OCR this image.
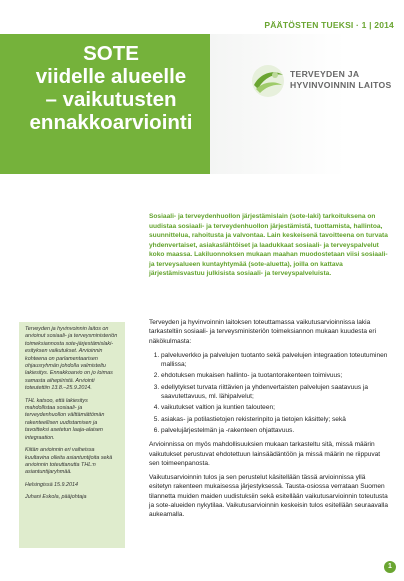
PÄÄTÖSTEN TUEKSI · 1 | 2014
SOTE
viidelle alueelle
– vaikutusten
ennakkoarviointi
TERVEYDEN JA
HYVINVOINNIN LAITOS
Sosiaali- ja terveydenhuollon järjestämislain (sote-laki) tarkoituksena on uudistaa sosiaali- ja terveydenhuollon järjestämistä, tuottamista, hallintoa, suunnittelua, rahoitusta ja valvontaa. Lain keskeisenä tavoitteena on turvata yhdenvertaiset, asiakaslähtöiset ja laadukkaat sosiaali- ja terveyspalvelut koko maassa. Lakiluonnoksen mukaan maahan muodostetaan viisi sosiaali- ja terveysalueen kuntayhtymää (sote-aluetta), joilla on kattava järjestämisvastuu julkisista sosiaali- ja terveyspalveluista.

Terveyden ja hyvinvoinnin laitos on arvioinut sosiaali- ja terveysministeriön toimeksiannosta sote-järjestämislaki-esityksen vaikutukset. Arvioinnin kohteena on parlamentaarisen ohjausryhmän johdolla valmisteltu lakiesitys. Ennakkoarvio on jo loimas samasta aihepiiristä. Arviointi toteutettiin 13.8.–25.9.2014.

THL katsoo, että lakiesitys mahdollistaa sosiaali- ja terveydenhuollon välttämättömän rakenteellisen uudistamisen ja tavoitteksi asetetun laaja-alaisen integraation.

Kiitän arvioinnin eri vaiheissa kuultavina olleita asiantuntijoita sekä arvioinnin toteuttanutta THL:n asiantuntijaryhmää.

Helsingissä 15.9.2014

Juhani Eskola, pääjohtaja

Terveyden ja hyvinvoinnin laitoksen toteuttamassa vaikutusarvioinnissa lakia tarkasteltiin sosiaali- ja terveysministeriön toimeksiannon mukaan kuudesta eri näkökulmasta:

1. palveluverkko ja palvelujen tuotanto sekä palvelujen integraation toteutuminen mallissa;
2. ehdotuksen mukaisen hallinto- ja tuotantorakenteen toimivuus;
3. edellytykset turvata riittävien ja yhdenvertaisten palvelujen saatavuus ja saavutettavuus, ml. lähipalvelut;
4. vaikutukset valtion ja kuntien talouteen;
5. asiakas- ja potilastietojen rekisterinpito ja tietojen käsittely; sekä
6. palvelujärjestelmän ja -rakenteen ohjattavuus.

Arvioinnissa on myös mahdollisuuksien mukaan tarkasteltu sitä, missä määrin vaikutukset perustuvat ehdotettuun lainsäädäntöön ja missä määrin ne riippuvat sen toimeenpanosta.

Vaikutusarvioinnin tulos ja sen perustelut käsitellään tässä arvioinnissa yllä esitetyn rakenteen mukaisessa järjestyksessä. Tausta-osiossa verrataan Suomen tilannetta muiden maiden uudistuksiin sekä esitellään vaikutusarvioinnin toteutusta ja sote-alueiden nykytilaa. Vaikutusarvioinnin keskeisin tulos esitellään seuraavalla aukeamalla.

1
